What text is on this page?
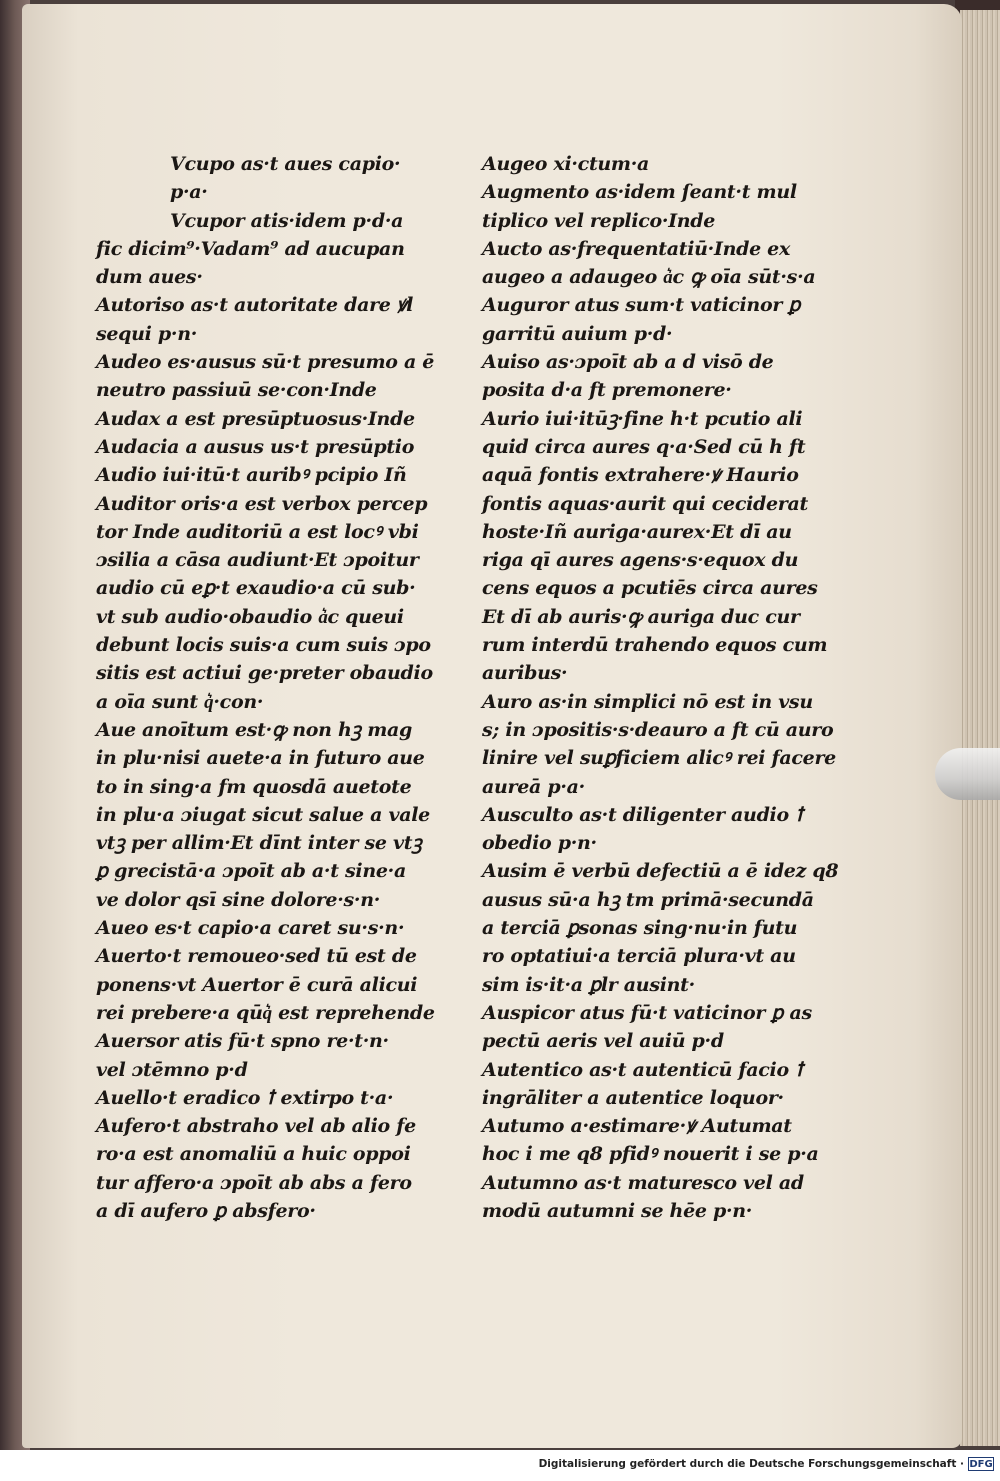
Vcupo as·t aues capio·
p·a·
Vcupor atis·idem p·d·a
fic dicim⁹·Vadam⁹ ad aucupan
dum aues·
Autoriso as·t autoritate dare ꝟl
sequi p·n·
Audeo es·ausus sū·t presumo a ē
neutro passiuū se·con·Inde
Audax a est presūptuosus·Inde
Audacia a ausus us·t presūptio
Audio iui·itū·t auribꝰ pcipio Iñ
Auditor oris·a est verbox percep
tor Inde auditoriū a est locꝰ vbi
ɔsilia a cāsa audiunt·Et ɔpoitur
audio cū eꝑ·t exaudio·a cū sub·
vt sub audio·obaudio a͛c queui
debunt locis suis·a cum suis ɔpo
sitis est actiui ge·preter obaudio
a oīa sunt q͛·con·
Aue anoītum est·ꝙ non hꝫ mag
in plu·nisi auete·a in futuro aue
to in sing·a fm quosdā auetote
in plu·a ɔiugat sicut salue a vale
vtꝫ per allim·Et dīnt inter se vtꝫ
ꝑ grecistā·a ɔpoīt ab a·t sine·a
ve dolor qsī sine dolore·s·n·
Aueo es·t capio·a caret su·s·n·
Auerto·t remoueo·sed tū est de
ponens·vt Auertor ē curā alicui
rei prebere·a qūq͛ est reprehende
Auersor atis fū·t spno re·t·n·
vel ɔtēmno p·d
Auello·t eradico ꝉ extirpo t·a·
Aufero·t abstraho vel ab alio fe
ro·a est anomaliū a huic oppoi
tur affero·a ɔpoīt ab abs a fero
a dī aufero ꝑ absfero·
Augeo xi·ctum·a
Augmento as·idem ſeant·t mul
tiplico vel replico·Inde
Aucto as·frequentatiū·Inde ex
augeo a adaugeo a͛c ꝙ oīa sūt·s·a
Auguror atus sum·t vaticinor ꝑ
garritū auium p·d·
Auiso as·ɔpoīt ab a d visō de
posita d·a ft premonere·
Aurio iui·itūꝫ·fine h·t pcutio ali
quid circa aures q·a·Sed cū h ft
aquā fontis extrahere·ꝟ Haurio
fontis aquas·aurit qui ceciderat
hoste·Iñ auriga·aurex·Et dī au
riga qī aures agens·s·equox du
cens equos a pcutiēs circa aures
Et dī ab auris·ꝙ auriga duc cur
rum interdū trahendo equos cum
auribus·
Auro as·in simplici nō est in vsu
s; in ɔpositis·s·deauro a ft cū auro
linire vel suꝑficiem alicꝰ rei facere
aureā p·a·
Ausculto as·t diligenter audio ꝉ
obedio p·n·
Ausim ē verbū defectiū a ē idez q8
ausus sū·a hꝫ tm primā·secundā
a terciā ꝑsonas sing·nu·in futu
ro optatiui·a terciā plura·vt au
sim is·it·a ꝑlr ausint·
Auspicor atus fū·t vaticinor ꝑ as
pectū aeris vel auiū p·d
Autentico as·t autenticū facio ꝉ
ingrāliter a autentice loquor·
Autumo a·estimare·ꝟ Autumat
hoc i me q8 pfidꝰ nouerit i se p·a
Autumno as·t maturesco vel ad
modū autumni se hēe p·n·
Digitalisierung gefördert durch die Deutsche Forschungsgemeinschaft · DFG
